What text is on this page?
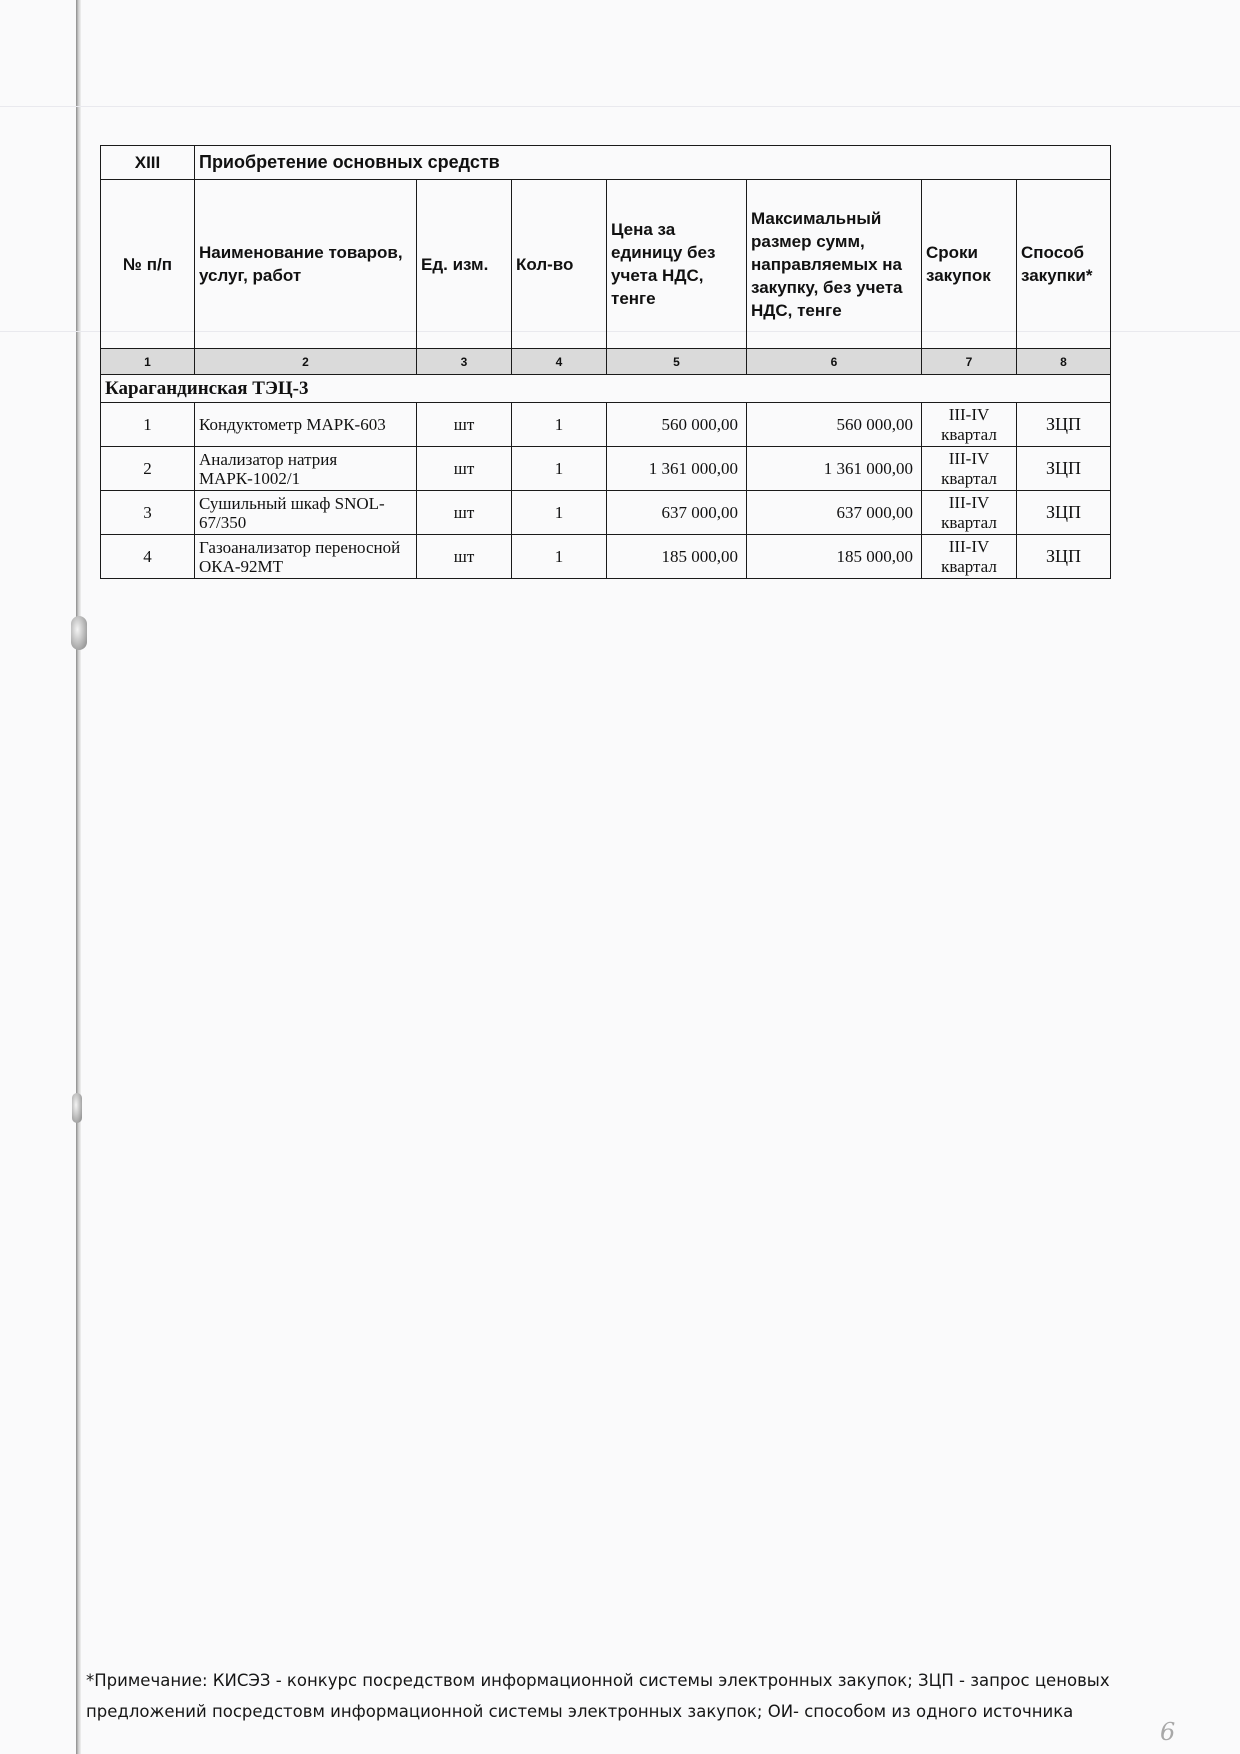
XIII	Приобретение основных средств						
№ п/п	Наименование товаров, услуг, работ	Ед. изм.	Кол-во	Цена за единицу без учета НДС, тенге	Максимальный размер сумм, направляемых на закупку, без учета НДС, тенге	Сроки закупок	Способ закупки*
1	2	3	4	5	6	7	8
Карагандинская ТЭЦ-3							
1	Кондуктометр МАРК-603	шт	1	560 000,00	560 000,00	III-IV квартал	ЗЦП
2	Анализатор натрия МАРК-1002/1	шт	1	1 361 000,00	1 361 000,00	III-IV квартал	ЗЦП
3	Сушильный шкаф SNOL-67/350	шт	1	637 000,00	637 000,00	III-IV квартал	ЗЦП
4	Газоанализатор переносной ОКА-92МТ	шт	1	185 000,00	185 000,00	III-IV квартал	ЗЦП
*Примечание: КИСЭЗ - конкурс посредством информационной системы электронных закупок; ЗЦП - запрос ценовых предложений посредстовм информационной системы электронных закупок; ОИ- способом из одного источника
6
